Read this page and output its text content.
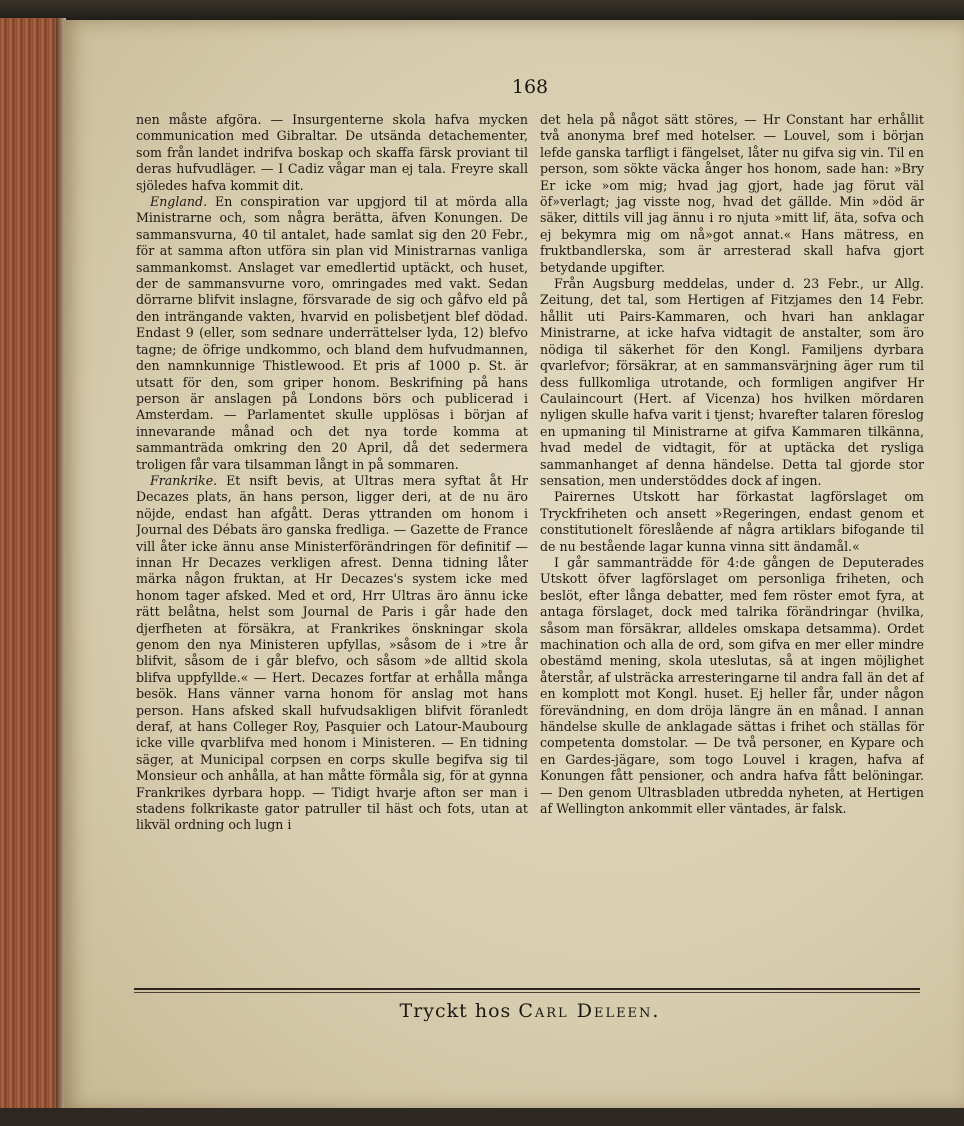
168

nen måste afgöra. — Insurgenterne skola hafva mycken communication med Gibraltar. De utsända detachementer, som från landet indrifva boskap och skaffa färsk proviant til deras hufvudläger. — I Cadiz vågar man ej tala. Freyre skall sjöledes hafva kommit dit.

England. En conspiration var upgjord til at mörda alla Ministrarne och, som några berätta, äfven Konungen. De sammansvurna, 40 til antalet, hade samlat sig den 20 Febr., för at samma afton utföra sin plan vid Ministrarnas vanliga sammankomst. Anslaget var emedlertid uptäckt, och huset, der de sammansvurne voro, omringades med vakt. Sedan dörrarne blifvit inslagne, försvarade de sig och gåfvo eld på den inträngande vakten, hvarvid en polisbetjent blef dödad. Endast 9 (eller, som sednare underrättelser lyda, 12) blefvo tagne; de öfrige undkommo, och bland dem hufvudmannen, den namnkunnige Thistlewood. Et pris af 1000 p. St. är utsatt för den, som griper honom. Beskrifning på hans person är anslagen på Londons börs och publicerad i Amsterdam. — Parlamentet skulle upplösas i början af innevarande månad och det nya torde komma at sammanträda omkring den 20 April, då det sedermera troligen får vara tilsamman långt in på sommaren.

Frankrike. Et nsift bevis, at Ultras mera syftat åt Hr Decazes plats, än hans person, ligger deri, at de nu äro nöjde, endast han afgått. Deras yttranden om honom i Journal des Débats äro ganska fredliga. — Gazette de France vill åter icke ännu anse Ministerförändringen för definitif — innan Hr Decazes verkligen afrest. Denna tidning låter märka någon fruktan, at Hr Decazes's system icke med honom tager afsked. Med et ord, Hrr Ultras äro ännu icke rätt belåtna, helst som Journal de Paris i går hade den djerfheten at försäkra, at Frankrikes önskningar skola genom den nya Ministeren upfyllas, »såsom de i »tre år blifvit, såsom de i går blefvo, och såsom »de alltid skola blifva uppfyllde.« — Hert. Decazes fortfar at erhålla många besök. Hans vänner varna honom för anslag mot hans person. Hans afsked skall hufvudsakligen blifvit föranledt deraf, at hans Colleger Roy, Pasquier och Latour-Maubourg icke ville qvarblifva med honom i Ministeren. — En tidning säger, at Municipal corpsen en corps skulle begifva sig til Monsieur och anhålla, at han måtte förmåla sig, för at gynna Frankrikes dyrbara hopp. — Tidigt hvarje afton ser man i stadens folkrikaste gator patruller til häst och fots, utan at likväl ordning och lugn i

det hela på något sätt störes, — Hr Constant har erhållit två anonyma bref med hotelser. — Louvel, som i början lefde ganska tarfligt i fängelset, låter nu gifva sig vin. Til en person, som sökte väcka ånger hos honom, sade han: »Bry Er icke »om mig; hvad jag gjort, hade jag förut väl öf»verlagt; jag visste nog, hvad det gällde. Min »död är säker, dittils vill jag ännu i ro njuta »mitt lif, äta, sofva och ej bekymra mig om nå»got annat.« Hans mätress, en fruktbandlerska, som är arresterad skall hafva gjort betydande upgifter.

Från Augsburg meddelas, under d. 23 Febr., ur Allg. Zeitung, det tal, som Hertigen af Fitzjames den 14 Febr. hållit uti Pairs-Kammaren, och hvari han anklagar Ministrarne, at icke hafva vidtagit de anstalter, som äro nödiga til säkerhet för den Kongl. Familjens dyrbara qvarlefvor; försäkrar, at en sammansvärjning äger rum til dess fullkomliga utrotande, och formligen angifver Hr Caulaincourt (Hert. af Vicenza) hos hvilken mördaren nyligen skulle hafva varit i tjenst; hvarefter talaren föreslog en upmaning til Ministrarne at gifva Kammaren tilkänna, hvad medel de vidtagit, för at uptäcka det rysliga sammanhanget af denna händelse. Detta tal gjorde stor sensation, men understöddes dock af ingen.

Pairernes Utskott har förkastat lagförslaget om Tryckfriheten och ansett »Regeringen, endast genom et constitutionelt föreslående af några artiklars bifogande til de nu bestående lagar kunna vinna sitt ändamål.«

I går sammanträdde för 4:de gången de Deputerades Utskott öfver lagförslaget om personliga friheten, och beslöt, efter långa debatter, med fem röster emot fyra, at antaga förslaget, dock med talrika förändringar (hvilka, såsom man försäkrar, alldeles omskapa detsamma). Ordet machination och alla de ord, som gifva en mer eller mindre obestämd mening, skola uteslutas, så at ingen möjlighet återstår, af ulsträcka arresteringarne til andra fall än det af en komplott mot Kongl. huset. Ej heller får, under någon förevändning, en dom dröja längre än en månad. I annan händelse skulle de anklagade sättas i frihet och ställas för competenta domstolar. — De två personer, en Kypare och en Gardes-jägare, som togo Louvel i kragen, hafva af Konungen fått pensioner, och andra hafva fått belöningar. — Den genom Ultrasbladen utbredda nyheten, at Hertigen af Wellington ankommit eller väntades, är falsk.

Tryckt hos Carl Deleen.
